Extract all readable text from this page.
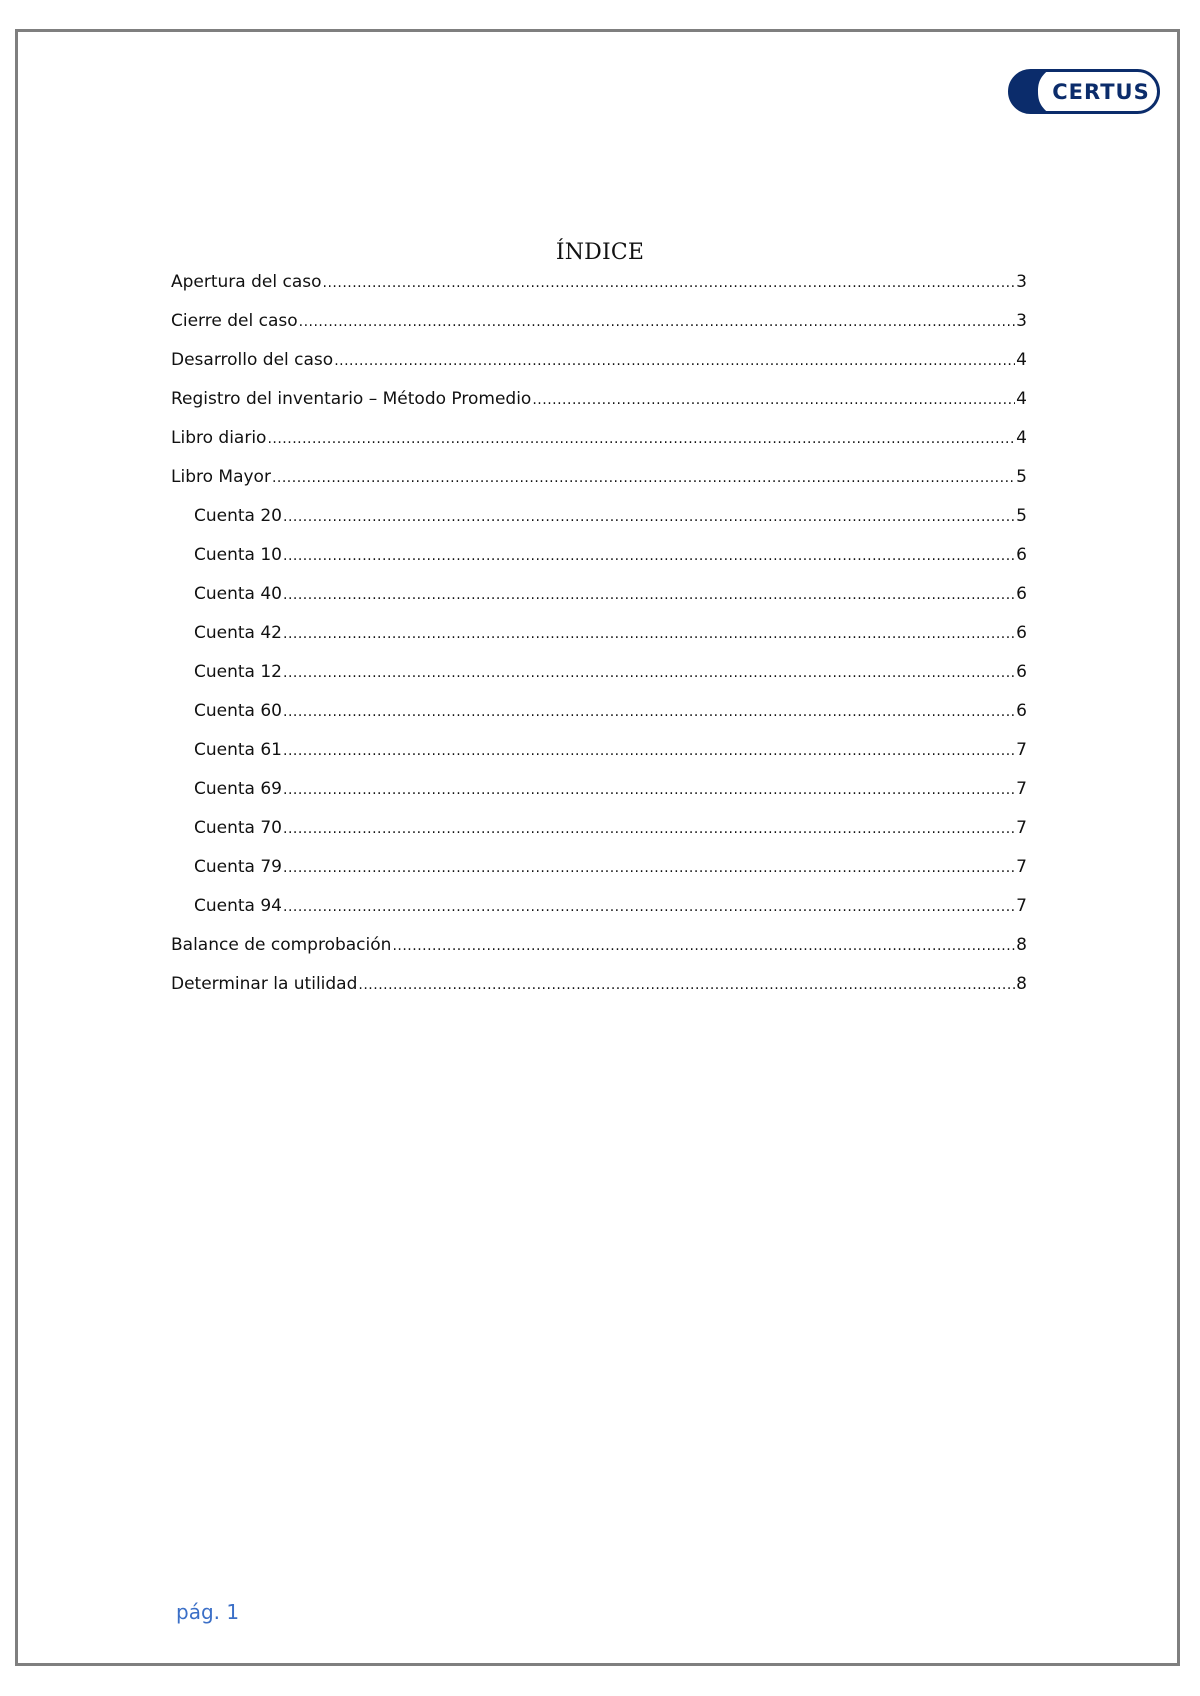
CERTUS
ÍNDICE
Apertura del caso .....	3
Cierre del caso .....	3
Desarrollo del caso .....	4
Registro del inventario – Método Promedio .....	4
Libro diario .....	4
Libro Mayor .....	5
Cuenta 20 .....	5
Cuenta 10 .....	6
Cuenta 40 .....	6
Cuenta 42 .....	6
Cuenta 12 .....	6
Cuenta 60 .....	6
Cuenta 61 .....	7
Cuenta 69 .....	7
Cuenta 70 .....	7
Cuenta 79 .....	7
Cuenta 94 .....	7
Balance de comprobación .....	8
Determinar la utilidad .....	8
pág. 1
